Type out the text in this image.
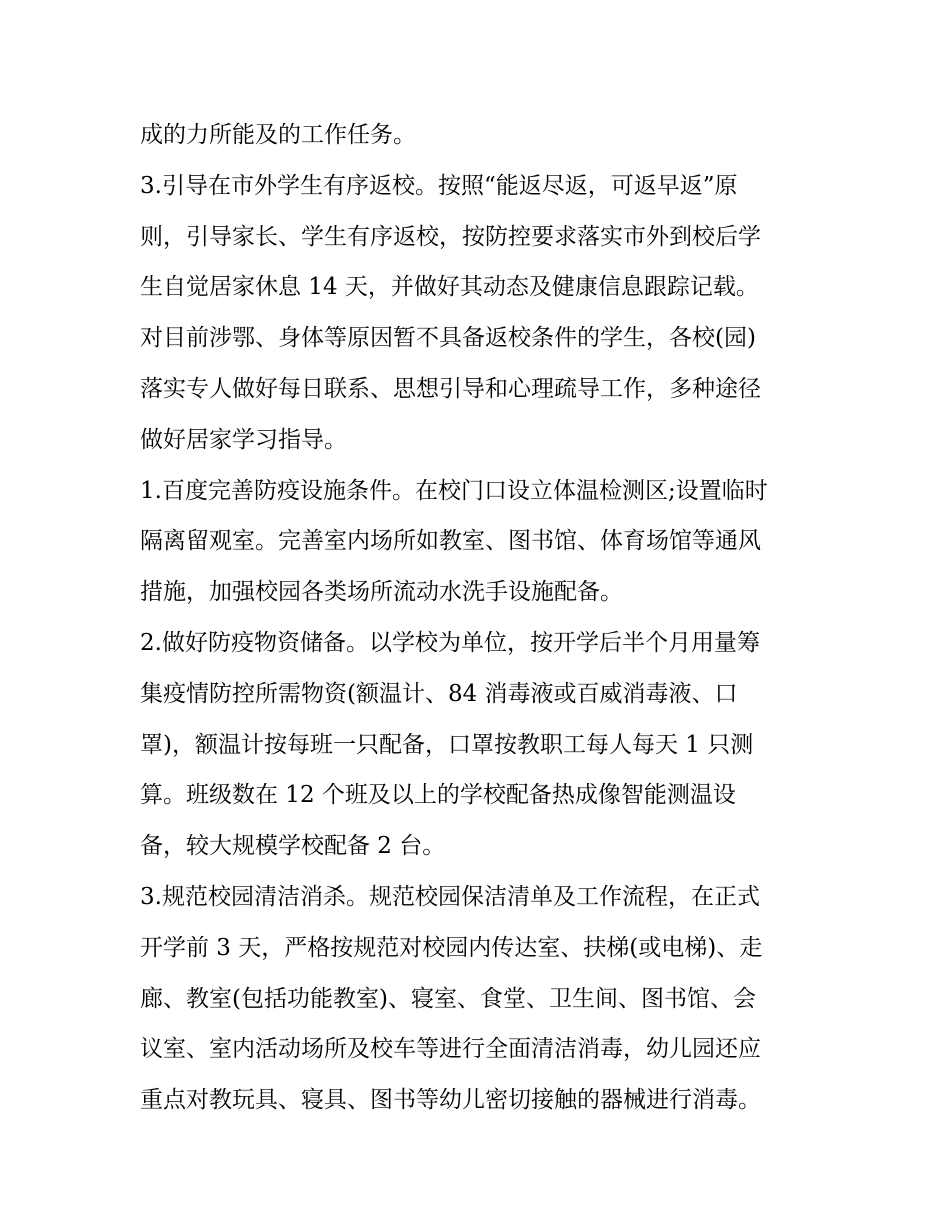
成的力所能及的工作任务。
3.引导在市外学生有序返校。按照“能返尽返，可返早返”原
则，引导家长、学生有序返校，按防控要求落实市外到校后学
生自觉居家休息 14 天，并做好其动态及健康信息跟踪记载。
对目前涉鄂、身体等原因暂不具备返校条件的学生，各校(园)
落实专人做好每日联系、思想引导和心理疏导工作，多种途径
做好居家学习指导。
1.百度完善防疫设施条件。在校门口设立体温检测区;设置临时
隔离留观室。完善室内场所如教室、图书馆、体育场馆等通风
措施，加强校园各类场所流动水洗手设施配备。
2.做好防疫物资储备。以学校为单位，按开学后半个月用量筹
集疫情防控所需物资(额温计、84 消毒液或百威消毒液、口
罩)，额温计按每班一只配备，口罩按教职工每人每天 1 只测
算。班级数在 12 个班及以上的学校配备热成像智能测温设
备，较大规模学校配备 2 台。
3.规范校园清洁消杀。规范校园保洁清单及工作流程，在正式
开学前 3 天，严格按规范对校园内传达室、扶梯(或电梯)、走
廊、教室(包括功能教室)、寝室、食堂、卫生间、图书馆、会
议室、室内活动场所及校车等进行全面清洁消毒，幼儿园还应
重点对教玩具、寝具、图书等幼儿密切接触的器械进行消毒。
